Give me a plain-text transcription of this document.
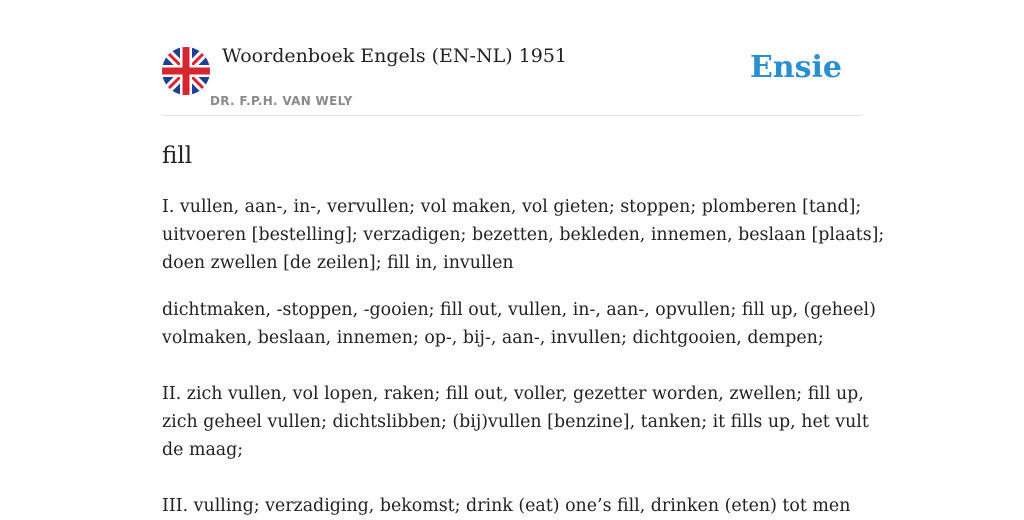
Woordenboek Engels (EN-NL) 1951
DR. F.P.H. VAN WELY
Ensie
fill

I. vullen, aan-, in-, vervullen; vol maken, vol gieten; stoppen; plomberen [tand];
uitvoeren [bestelling]; verzadigen; bezetten, bekleden, innemen, beslaan [plaats];
doen zwellen [de zeilen]; fill in, invullen

dichtmaken, -stoppen, -gooien; fill out, vullen, in-, aan-, opvullen; fill up, (geheel)
volmaken, beslaan, innemen; op-, bij-, aan-, invullen; dichtgooien, dempen;

II. zich vullen, vol lopen, raken; fill out, voller, gezetter worden, zwellen; fill up,
zich geheel vullen; dichtslibben; (bij)vullen [benzine], tanken; it fills up, het vult
de maag;

III. vulling; verzadiging, bekomst; drink (eat) one’s fill, drinken (eten) tot men
